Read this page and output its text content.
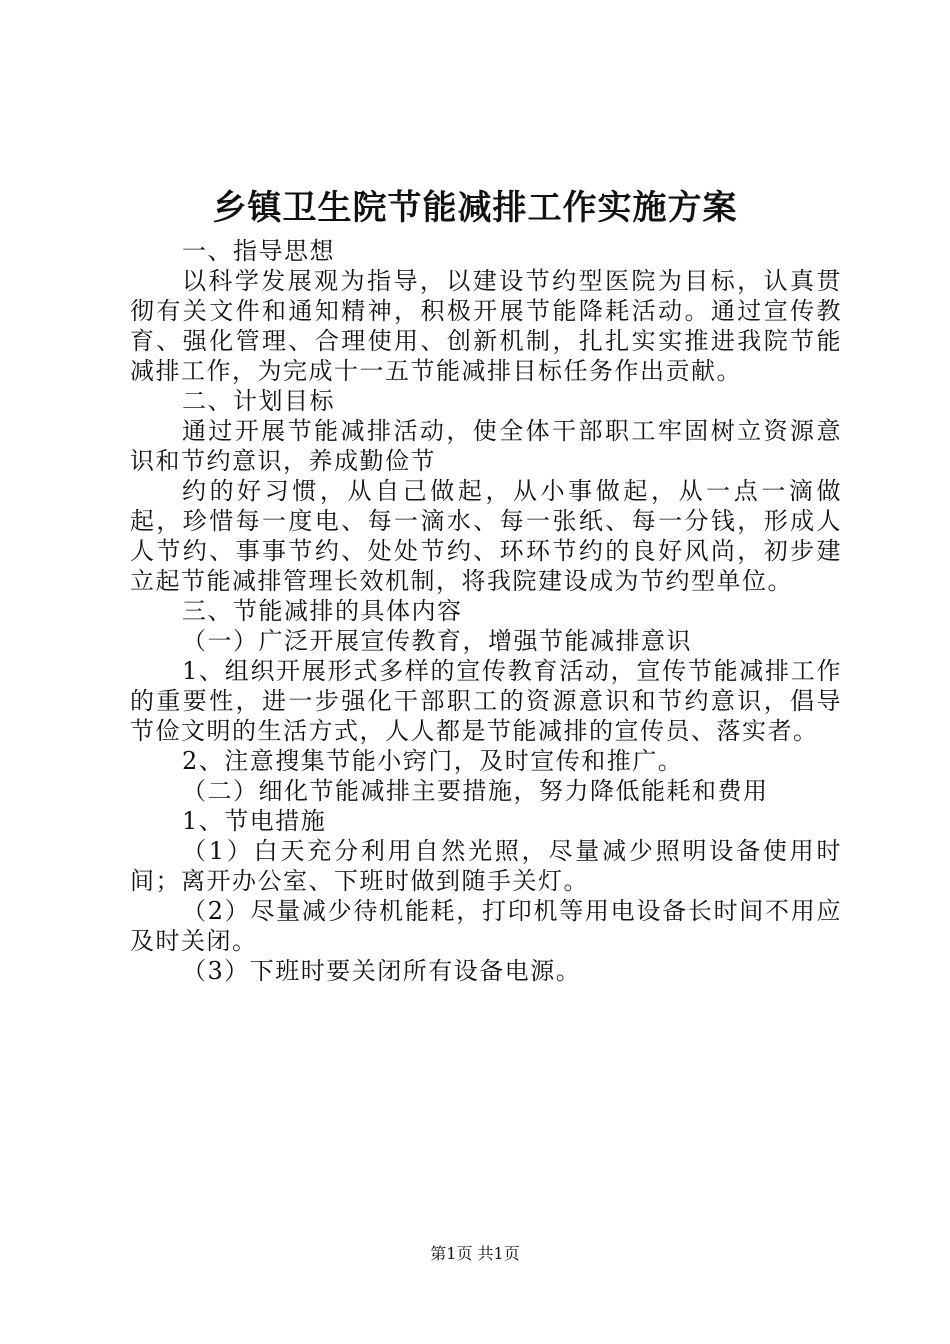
乡镇卫生院节能减排工作实施方案

一、指导思想

以科学发展观为指导，以建设节约型医院为目标，认真贯彻有关文件和通知精神，积极开展节能降耗活动。通过宣传教育、强化管理、合理使用、创新机制，扎扎实实推进我院节能减排工作，为完成十一五节能减排目标任务作出贡献。

二、计划目标

通过开展节能减排活动，使全体干部职工牢固树立资源意识和节约意识，养成勤俭节

约的好习惯，从自己做起，从小事做起，从一点一滴做起，珍惜每一度电、每一滴水、每一张纸、每一分钱，形成人人节约、事事节约、处处节约、环环节约的良好风尚，初步建立起节能减排管理长效机制，将我院建设成为节约型单位。

三、节能减排的具体内容

（一）广泛开展宣传教育，增强节能减排意识

1、组织开展形式多样的宣传教育活动，宣传节能减排工作的重要性，进一步强化干部职工的资源意识和节约意识，倡导节俭文明的生活方式，人人都是节能减排的宣传员、落实者。

2、注意搜集节能小窍门，及时宣传和推广。

（二）细化节能减排主要措施，努力降低能耗和费用

1、节电措施

（1）白天充分利用自然光照，尽量减少照明设备使用时间；离开办公室、下班时做到随手关灯。

（2）尽量减少待机能耗，打印机等用电设备长时间不用应及时关闭。

（3）下班时要关闭所有设备电源。

第1页 共1页
